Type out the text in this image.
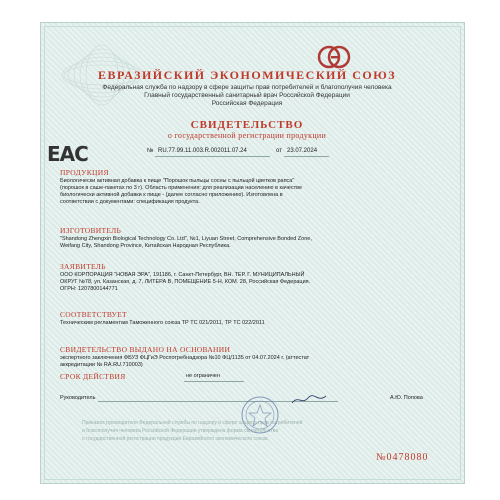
ЕВРАЗИЙСКИЙ ЭКОНОМИЧЕСКИЙ СОЮЗ
Федеральная служба по надзору в сфере защиты прав потребителей и благополучия человека
Главный государственный санитарный врач Российской Федерации
Российская Федерация
EAC
СВИДЕТЕЛЬСТВО
о государственной регистрации продукции
№ RU.77.99.11.003.R.002011.07.24	от 23.07.2024
ПРОДУКЦИЯ
Биологически активная добавка к пище "Порошок пыльцы сосны с пыльцой цветков рапса"
(порошок в саше-пакетах по 3 г). Область применения: для реализации населению в качестве
биологически активной добавки к пище - (далее согласно приложению). Изготовлена в
соответствии с документами: спецификация продукта.
ИЗГОТОВИТЕЛЬ
"Shandong Zhengxin Biological Technology Co. Ltd", №1, Liyuan Street, Comprehensive Bonded Zone,
Weifang City, Shandong Province, Китайская Народная Республика.
ЗАЯВИТЕЛЬ
ООО КОРПОРАЦИЯ "НОВАЯ ЭРА", 191186, г. Санкт-Петербург, ВН. ТЕР. Г. МУНИЦИПАЛЬНЫЙ
ОКРУГ №78, ул. Казанская, д. 7, ЛИТЕРА В, ПОМЕЩЕНИЕ 5-Н, КОМ. 28, Российская Федерация.
ОГРН: 1207800144771
СООТВЕТСТВУЕТ
Техническим регламентам Таможенного союза ТР ТС 021/2011, ТР ТС 022/2011
СВИДЕТЕЛЬСТВО ВЫДАНО НА ОСНОВАНИИ
экспертного заключения ФБУЗ ФЦГиЭ Роспотребнадзора №10 ФЦ/1135 от 04.07.2024 г. (аттестат
аккредитации № RA.RU.710003)
СРОК ДЕЙСТВИЯ	не ограничен
Руководитель	А.Ю. Попова
Приказом руководителя Федеральной службы по надзору в сфере защиты прав потребителей
и благополучия человека Российской Федерации утверждена форма свидетельства
о государственной регистрации продукции Евразийского экономического союза
№0478080
